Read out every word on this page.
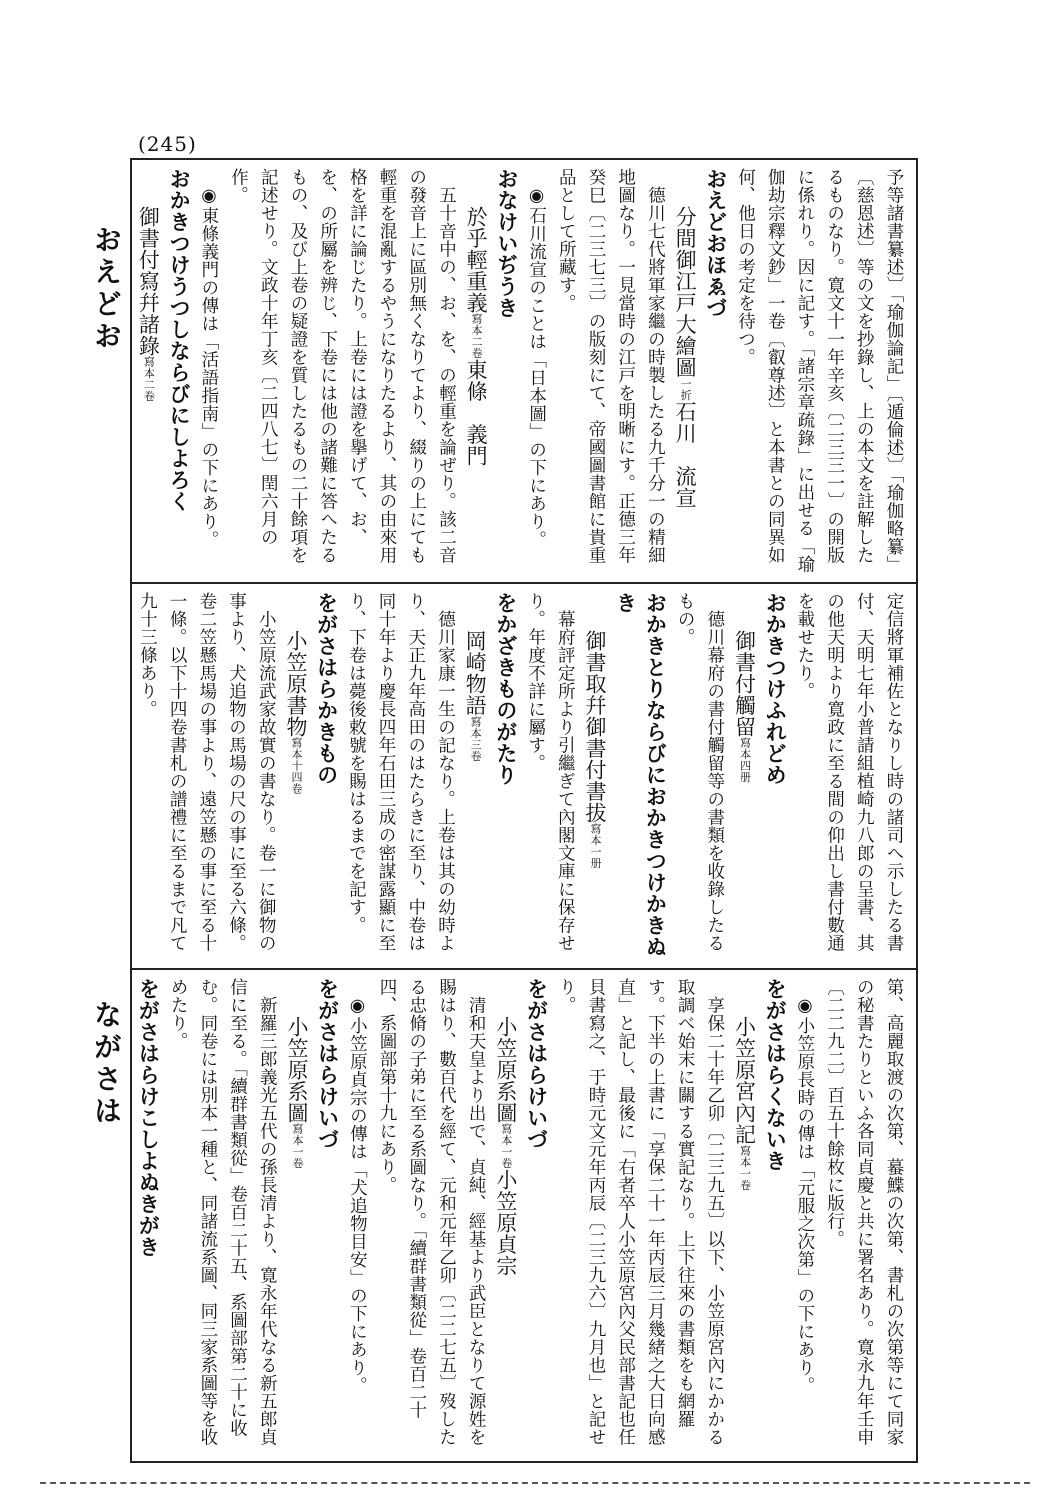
(245)
おえどお
ながさは
予等諸書纂述〕「瑜伽論記」〔遁倫述〕「瑜伽略纂」〔慈恩述〕等の文を抄錄し、上の本文を註解したるものなり。寛文十一年辛亥〔二三三一〕の開版に係れり。因に記す。「諸宗章疏錄」に出せる「瑜伽劫宗釋文鈔」一卷〔叡尊述〕と本書との同異如何、他日の考定を待つ。
おえどおほゑづ
分間御江戸大繪圖一折石川　流宣
德川七代將軍家繼の時製したる九千分一の精細地圖なり。一見當時の江戸を明晰にす。正德三年癸巳〔二三七三〕の版刻にて、帝國圖書館に貴重品として所藏す。
◉石川流宣のことは「日本圖」の下にあり。
おなけいぢうき
於乎輕重義寫本二卷東條　義門
五十音中の、お、を、の輕重を論ぜり。該二音の發音上に區別無くなりてより、綴りの上にても輕重を混亂するやうになりたるより、其の由來用格を詳に論じたり。上卷には證を擧げて、お、を、の所屬を辨じ、下卷には他の諸難に答へたるもの、及び上卷の疑證を質したるもの二十餘項を記述せり。文政十年丁亥〔二四八七〕閏六月の作。
◉東條義門の傳は「活語指南」の下にあり。
おかきつけうつしならびにしよろく
御書付寫幷諸錄寫本二卷
定信將軍補佐となりし時の諸司へ示したる書付、天明七年小普請組植崎九八郎の呈書、其の他天明より寛政に至る間の仰出し書付數通を載せたり。
おかきつけふれどめ
御書付觸留寫本四册
德川幕府の書付觸留等の書類を收錄したるもの。
おかきとりならびにおかきつけかきぬき
御書取幷御書付書拔寫本一册
幕府評定所より引繼ぎて內閣文庫に保存せり。年度不詳に屬す。
をかざきものがたり
岡崎物語寫本三卷
德川家康一生の記なり。上卷は其の幼時より、天正九年高田のはたらきに至り、中卷は同十年より慶長四年石田三成の密謀露顯に至り、下卷は薨後敕號を賜はるまでを記す。
をがさはらかきもの
小笠原書物寫本十四卷
小笠原流武家故實の書なり。卷一に御物の事より、犬追物の馬場の尺の事に至る六條。卷二笠懸馬場の事より、遠笠懸の事に至る十一條。以下十四卷書札の譜禮に至るまで凡て九十三條あり。
第、高麗取渡の次第、蟇鰈の次第、書札の次第等にて同家の秘書たりといふ各同貞慶と共に署名あり。寛永九年壬申〔二二九二〕百五十餘枚に版行。
◉小笠原長時の傳は「元服之次第」の下にあり。
をがさはらくないき
小笠原宮內記寫本一卷
享保二十年乙卯〔二三九五〕以下、小笠原宮內にかかる取調べ始末に關する實記なり。上下往來の書類をも網羅す。下半の上書に「享保二十一年丙辰三月幾緒之大日向感直」と記し、最後に「右者卒人小笠原宮內父民部書記也任貝書寫之、于時元文元年丙辰〔二三九六〕九月也」と記せり。
をがさはらけいづ
小笠原系圖寫本一卷小笠原貞宗
清和天皇より出で、貞純、經基より武臣となりて源姓を賜はり、數百代を經て、元和元年乙卯〔二二七五〕歿したる忠脩の子弟に至る系圖なり。「續群書類從」卷百二十四、系圖部第十九にあり。
◉小笠原貞宗の傳は「犬追物目安」の下にあり。
をがさはらけいづ
小笠原系圖寫本一卷
新羅三郎義光五代の孫長清より、寛永年代なる新五郎貞信に至る。「續群書類從」卷百二十五、系圖部第二十に收む。同卷には別本一種と、同諸流系圖、同三家系圖等を收めたり。
をがさはらけこしよぬきがき
